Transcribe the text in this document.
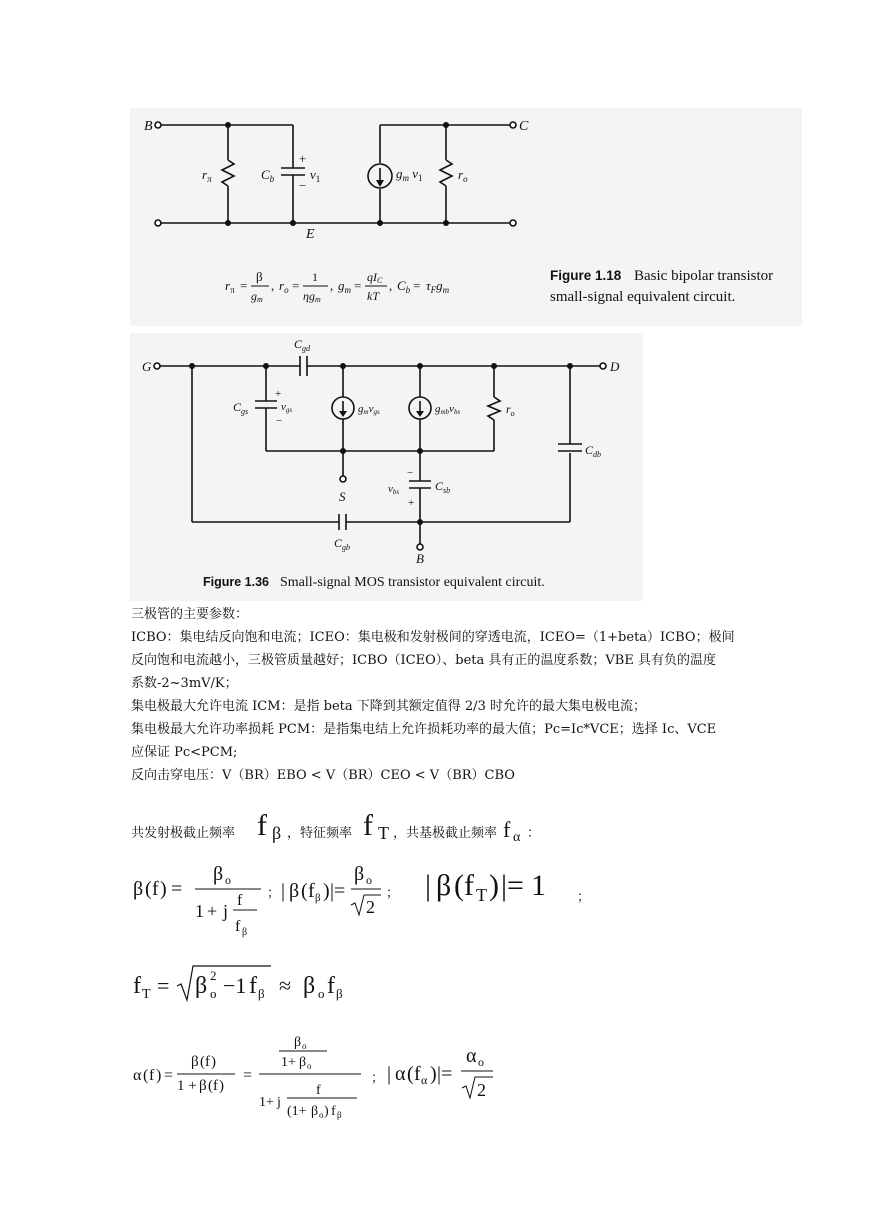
B	C
E
$r_\pi$	$C_b$
+
−
$v_1$	$g_m$ $v_1$	$r_o$
$r_\pi$ =
β
gm
, $r_o$ =
1
ηgm
, $g_m$ =
qIC
kT
, $C_b = \tau_Fg_m$
Figure 1.18 Basic bipolar transistor
small-signal equivalent circuit.
G	D
S
B
$C_{gd}$
$C_{gs}$
+
−
vgs	gmvgs	gmbvbs	$r_o$
$C_{db}$
−
+
vbs	$C_{sb}$
$C_{gb}$
Figure 1.36 Small-signal MOS transistor equivalent circuit.

三极管的主要参数：

ICBO：集电结反向饱和电流；ICEO：集电极和发射极间的穿透电流，ICEO=（1+beta）ICBO；极间

反向饱和电流越小，三极管质量越好；ICBO（ICEO）、beta 具有正的温度系数；VBE 具有负的温度

系数-2~3mV/K；

集电极最大允许电流 ICM：是指 beta 下降到其额定值得 2/3 时允许的最大集电极电流；

集电极最大允许功率损耗 PCM：是指集电结上允许损耗功率的最大值；Pc=Ic*VCE；选择 Ic、VCE

应保证 Pc<PCM;

反向击穿电压：V（BR）EBO < V（BR）CEO < V（BR）CBO

共发射极截止频率 f β ，特征频率 f T ，共基极截止频率 f α ：
β ( f ) =
β o
1 + j
f
f β
； | β ( f β ) |=
β o
2
； | β ( f T ) |= 1 ；
f T = β 2
o −1 f β ≈ β o f β
α ( f ) =
β ( f )
1 + β ( f )
=
β o
1+ β o
1+ j
f
(1+ β o ) f β
； | α ( f α ) |=
α o
2
